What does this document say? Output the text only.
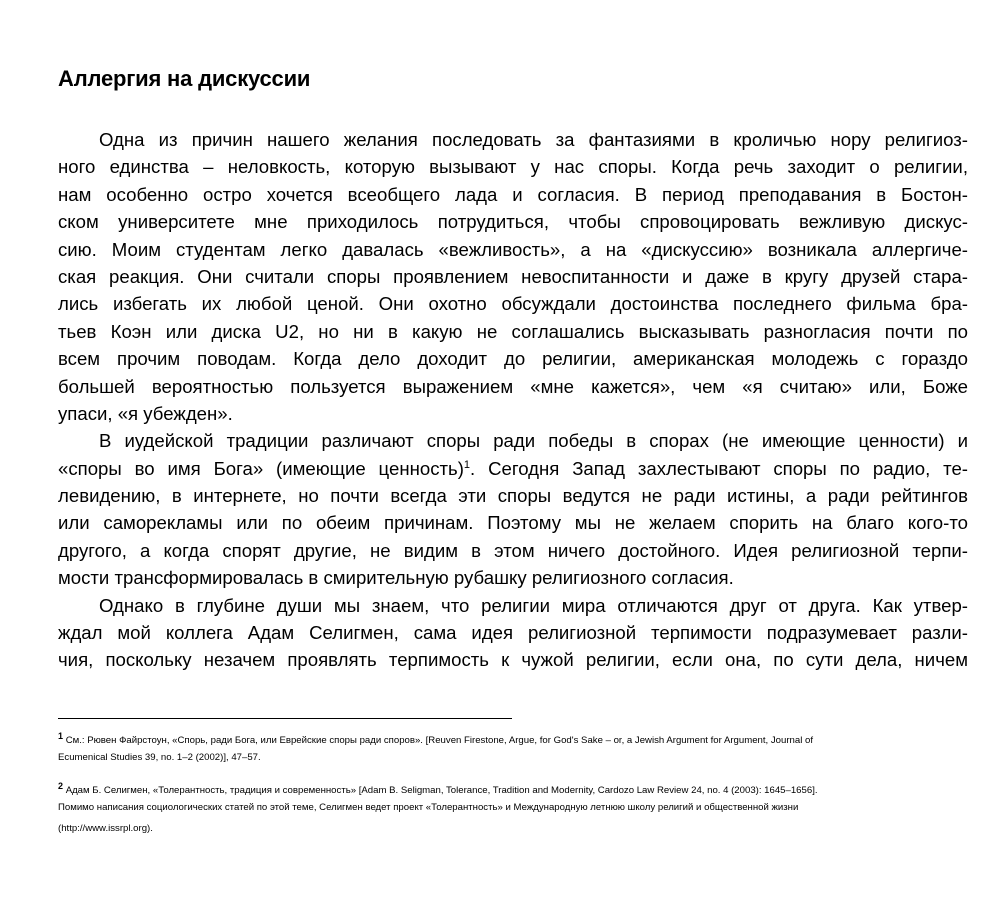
Аллергия на дискуссии
Одна из причин нашего желания последовать за фантазиями в кроличью нору религиоз-
ного единства – неловкость, которую вызывают у нас споры. Когда речь заходит о религии,
нам особенно остро хочется всеобщего лада и согласия. В период преподавания в Бостон-
ском университете мне приходилось потрудиться, чтобы спровоцировать вежливую дискус-
сию. Моим студентам легко давалась «вежливость», а на «дискуссию» возникала аллергиче-
ская реакция. Они считали споры проявлением невоспитанности и даже в кругу друзей стара-
лись избегать их любой ценой. Они охотно обсуждали достоинства последнего фильма бра-
тьев Коэн или диска U2, но ни в какую не соглашались высказывать разногласия почти по
всем прочим поводам. Когда дело доходит до религии, американская молодежь с гораздо
большей вероятностью пользуется выражением «мне кажется», чем «я считаю» или, Боже
упаси, «я убежден».
В иудейской традиции различают споры ради победы в спорах (не имеющие ценности) и
«споры во имя Бога» (имеющие ценность)$^1$. Сегодня Запад захлестывают споры по радио, те-
левидению, в интернете, но почти всегда эти споры ведутся не ради истины, а ради рейтингов
или саморекламы или по обеим причинам. Поэтому мы не желаем спорить на благо кого-то
другого, а когда спорят другие, не видим в этом ничего достойного. Идея религиозной терпи-
мости трансформировалась в смирительную рубашку религиозного согласия.
Однако в глубине души мы знаем, что религии мира отличаются друг от друга. Как утвер-
ждал мой коллега Адам Селигмен, сама идея религиозной терпимости подразумевает разли-
чия, поскольку незачем проявлять терпимость к чужой религии, если она, по сути дела, ничем
1 См.: Рювен Файрстоун, «Спорь, ради Бога, или Еврейские споры ради споров». [Reuven Firestone, Argue, for God's Sake – or, a Jewish Argument for Argument, Journal of
Ecumenical Studies 39, no. 1–2 (2002)], 47–57.
2 Адам Б. Селигмен, «Толерантность, традиция и современность» [Adam B. Seligman, Tolerance, Tradition and Modernity, Cardozo Law Review 24, no. 4 (2003): 1645–1656].
Помимо написания социологических статей по этой теме, Селигмен ведет проект «Толерантность» и Международную летнюю школу религий и общественной жизни
(http://www.issrpl.org).
